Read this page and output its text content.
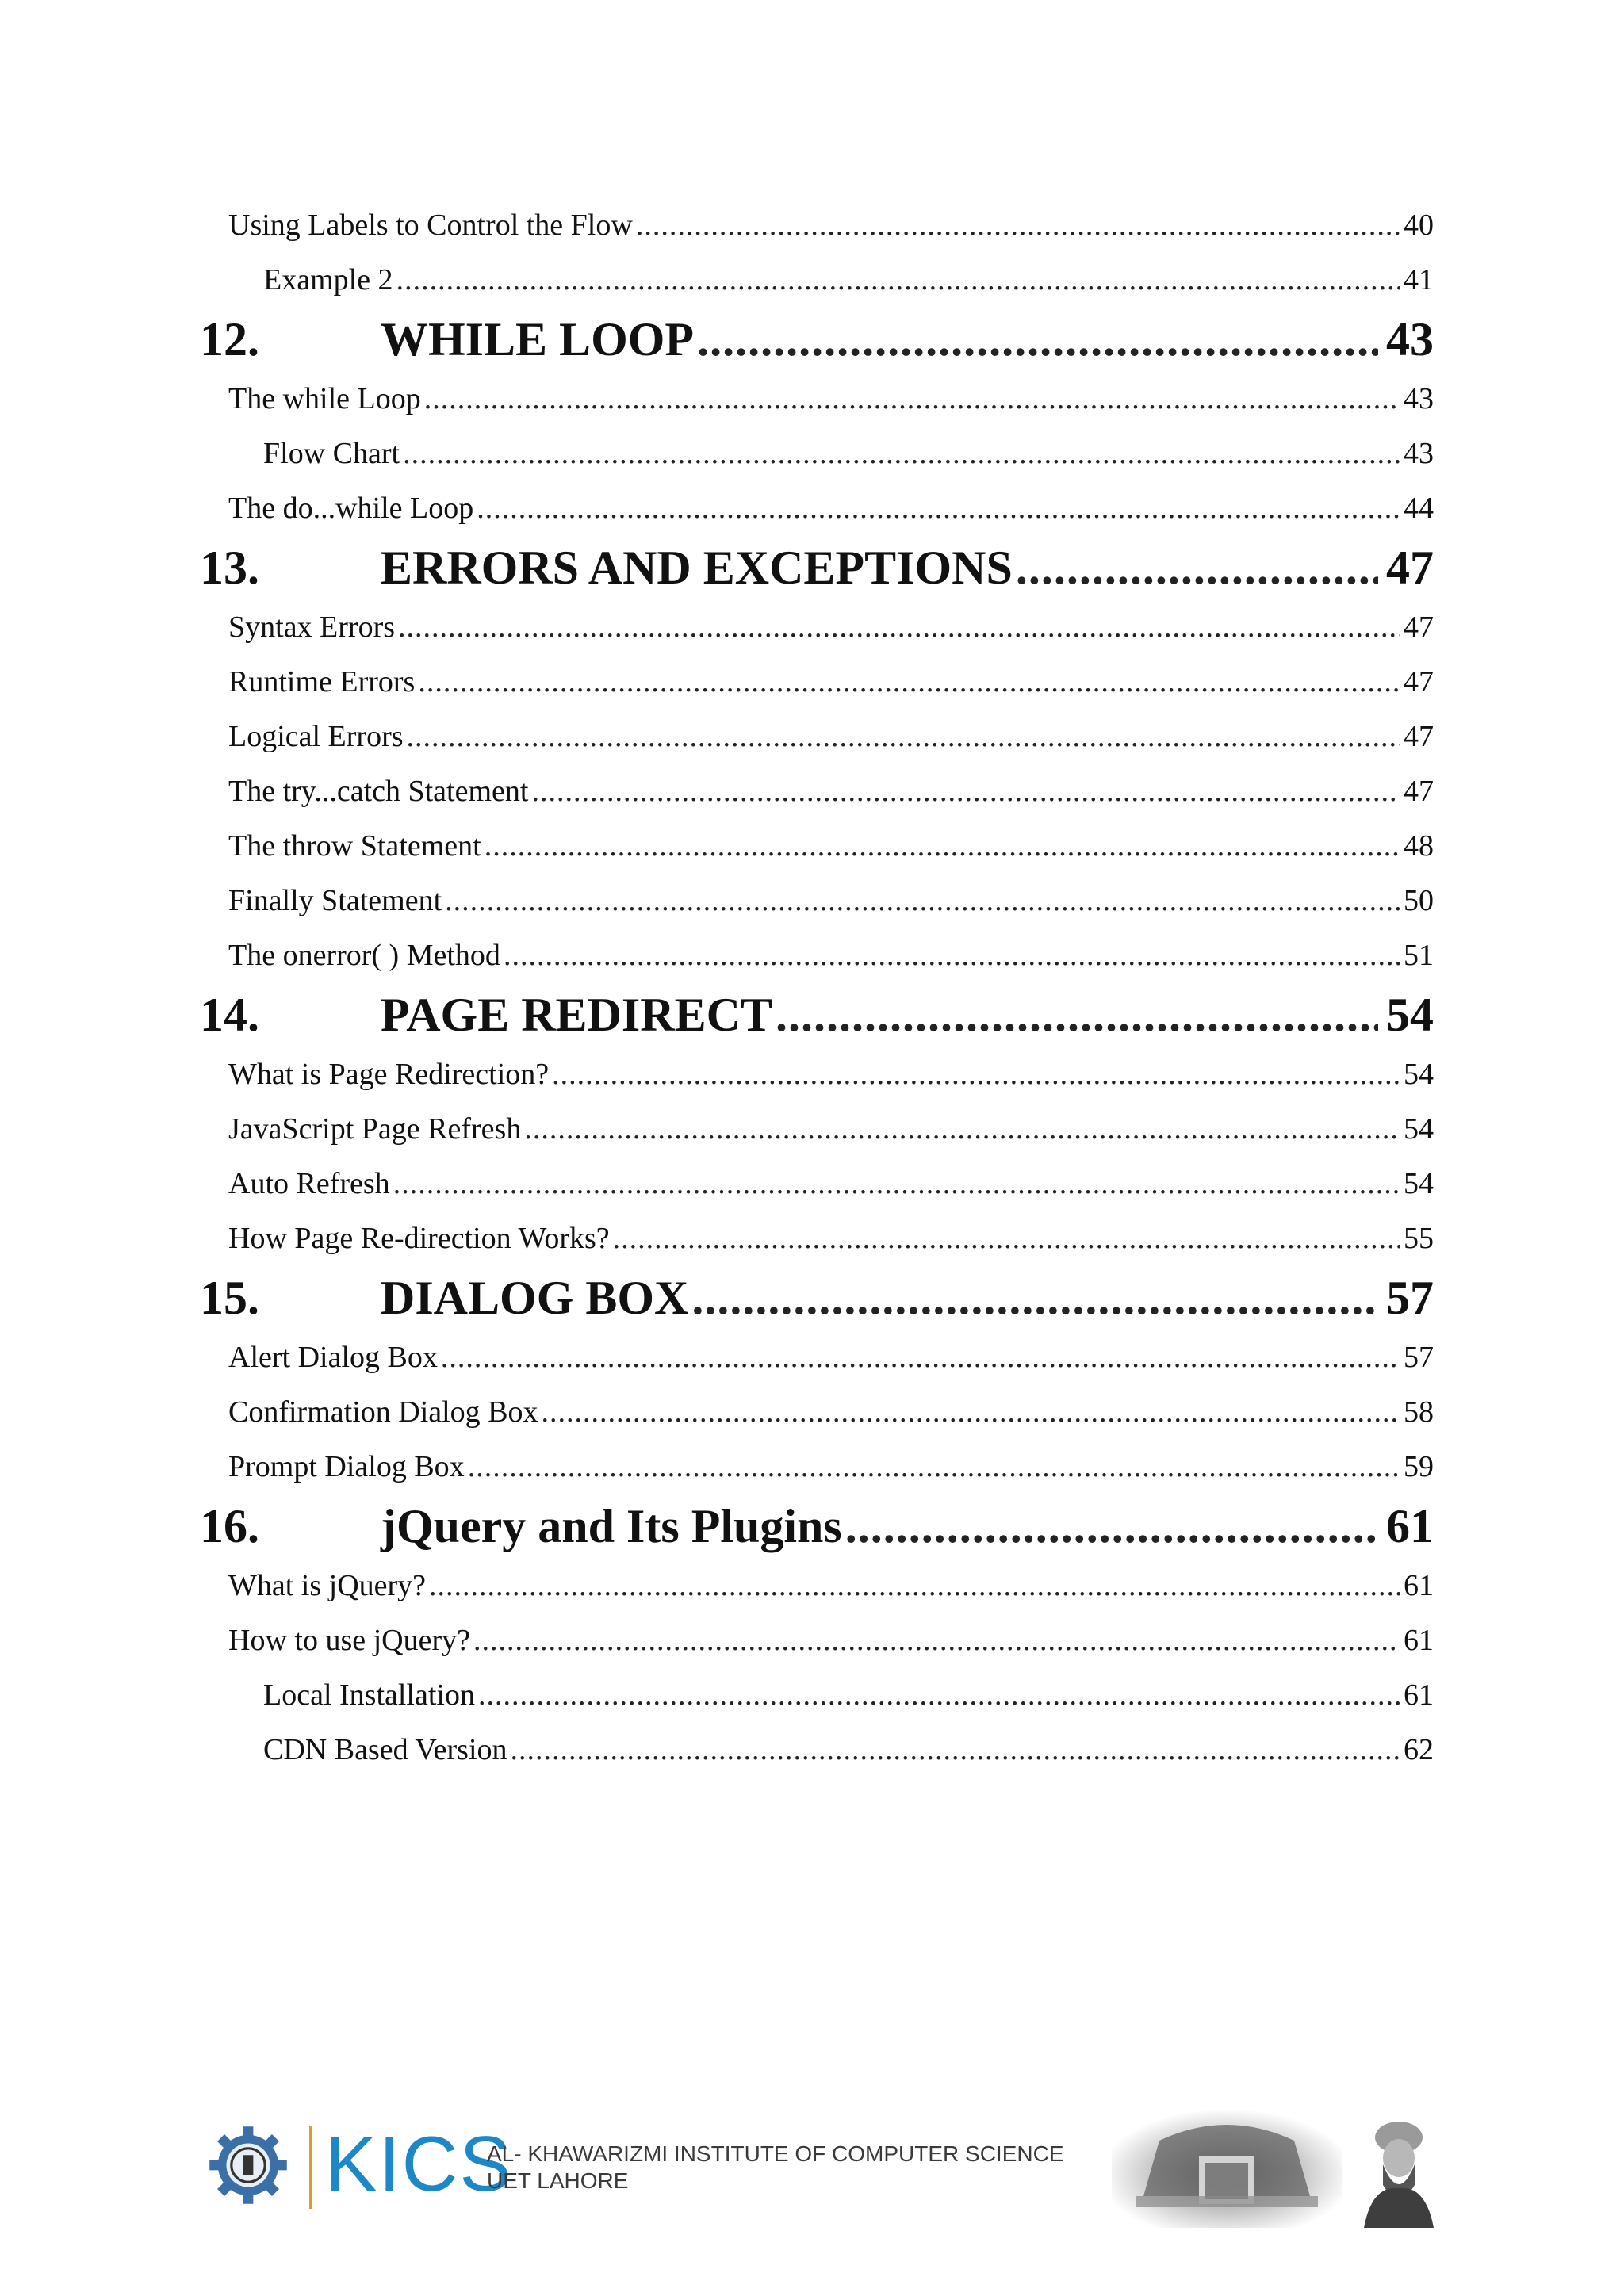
Using Labels to Control the Flow .....	40
Example 2 .....	41
12.	WHILE LOOP .....	43
The while Loop .....	43
Flow Chart .....	43
The do...while Loop .....	44
13.	ERRORS AND EXCEPTIONS .....	47
Syntax Errors .....	47
Runtime Errors .....	47
Logical Errors .....	47
The try...catch Statement .....	47
The throw Statement .....	48
Finally Statement .....	50
The onerror( ) Method .....	51
14.	PAGE REDIRECT .....	54
What is Page Redirection? .....	54
JavaScript Page Refresh .....	54
Auto Refresh .....	54
How Page Re-direction Works? .....	55
15.	DIALOG BOX .....	57
Alert Dialog Box .....	57
Confirmation Dialog Box .....	58
Prompt Dialog Box .....	59
16.	jQuery and Its Plugins .....	61
What is jQuery? .....	61
How to use jQuery? .....	61
Local Installation .....	61
CDN Based Version .....	62
KICS
AL- KHAWARIZMI INSTITUTE OF COMPUTER SCIENCE
UET LAHORE
